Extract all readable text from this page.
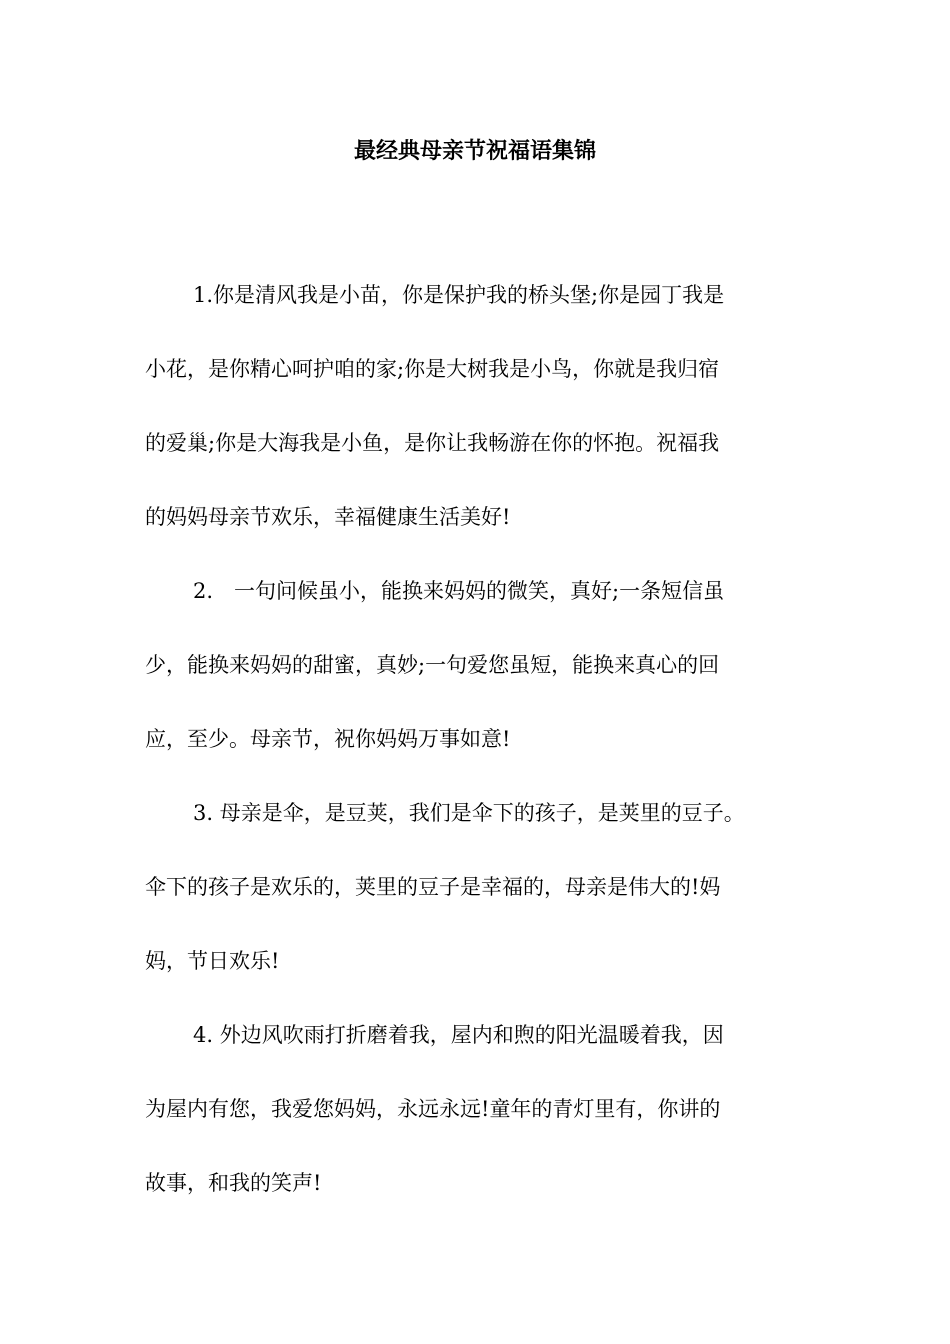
最经典母亲节祝福语集锦
1.你是清风我是小苗，你是保护我的桥头堡;你是园丁我是
小花，是你精心呵护咱的家;你是大树我是小鸟，你就是我归宿
的爱巢;你是大海我是小鱼，是你让我畅游在你的怀抱。祝福我
的妈妈母亲节欢乐，幸福健康生活美好!
2.　一句问候虽小，能换来妈妈的微笑，真好;一条短信虽
少，能换来妈妈的甜蜜，真妙;一句爱您虽短，能换来真心的回
应，至少。母亲节，祝你妈妈万事如意!
3. 母亲是伞，是豆荚，我们是伞下的孩子，是荚里的豆子。
伞下的孩子是欢乐的，荚里的豆子是幸福的，母亲是伟大的!妈
妈，节日欢乐!
4. 外边风吹雨打折磨着我，屋内和煦的阳光温暖着我，因
为屋内有您，我爱您妈妈，永远永远!童年的青灯里有，你讲的
故事，和我的笑声!
